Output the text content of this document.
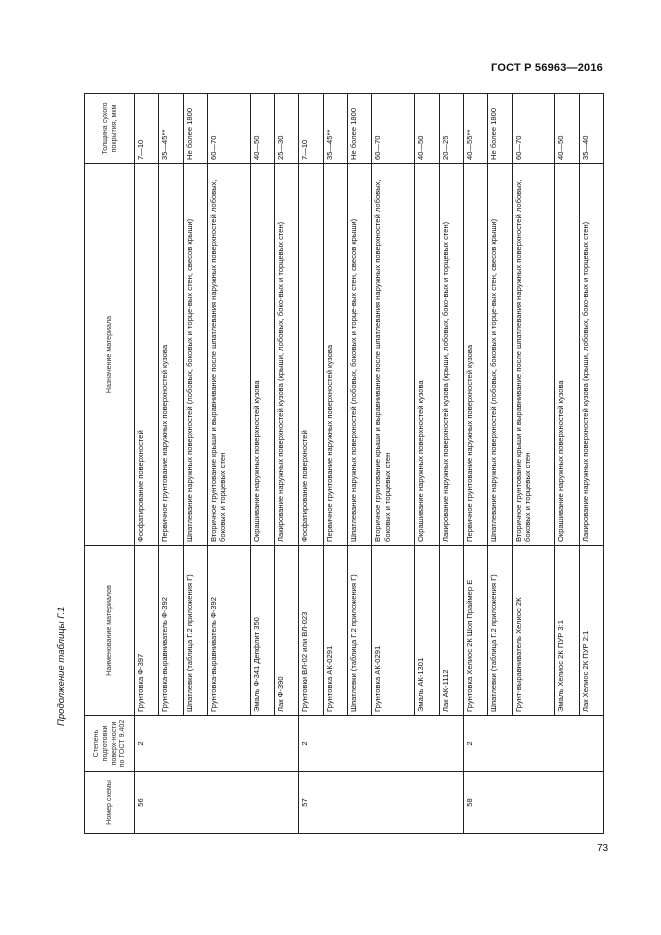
ГОСТ Р 56963—2016
Продолжение таблицы Г.1
Номер схемы	Степень подготовки поверх-ности по ГОСТ 9.402	Наименование материалов	Назначение материала	Толщина сухого покрытия, мкм
56	2	Грунтовка Ф-397	Фосфатирование поверхностей	7—10
		Грунтовка-выравниватель Ф-392	Первичное грунтование наружных поверхностей кузова	35—45**
		Шпатлевки (таблица Г.2 приложения Г)	Шпатлевание наружных поверхностей (лобовых, боковых и торце-вых стен, свесов крыши)	Не более 1800
		Грунтовка-выравниватель Ф-392	Вторичное грунтование крыши и выравнивание после шпатлевания наружных поверхностей лобовых, боковых и торцевых стен	60—70
		Эмаль Ф-341 Депфлит 350	Окрашивание наружных поверхностей кузова	40—50
		Лак Ф-390	Лакирование наружных поверхностей кузова (крыши, лобовых, боко-вых и торцевых стен)	25—30
57	2	Грунтовки ВЛ-02 или ВЛ-023	Фосфатирование поверхностей	7—10
		Грунтовка АК-0291	Первичное грунтование наружных поверхностей кузова	35—45**
		Шпатлевки (таблица Г.2 приложения Г)	Шпатлевание наружных поверхностей (лобовых, боковых и торце-вых стен, свесов крыши)	Не более 1800
		Грунтовка АК-0291	Вторичное грунтование крыши и выравнивание после шпатлевания наружных поверхностей лобовых, боковых и торцевых стен	60—70
		Эмаль АК-1301	Окрашивание наружных поверхностей кузова	40—50
		Лак АК-1112	Лакирование наружных поверхностей кузова (крыши, лобовых, боко-вых и торцевых стен)	20—25
58	2	Грунтовка Хелиос 2К Шоп Праймер Е	Первичное грунтование наружных поверхностей кузова	40—55**
		Шпатлевки (таблица Г.2 приложения Г)	Шпатлевание наружных поверхностей (лобовых, боковых и торце-вых стен, свесов крыши)	Не более 1800
		Грунт-выравниватель Хелиос 2К	Вторичное грунтование крыши и выравнивание после шпатлевания наружных поверхностей лобовых, боковых и торцевых стен	60—70
		Эмаль Хелиос 2К ПУР 3:1	Окрашивание наружных поверхностей кузова	40—50
		Лак Хелиос 2К ПУР 2:1	Лакирование наружных поверхностей кузова (крыши, лобовых, боко-вых и торцевых стен)	35—40
73
